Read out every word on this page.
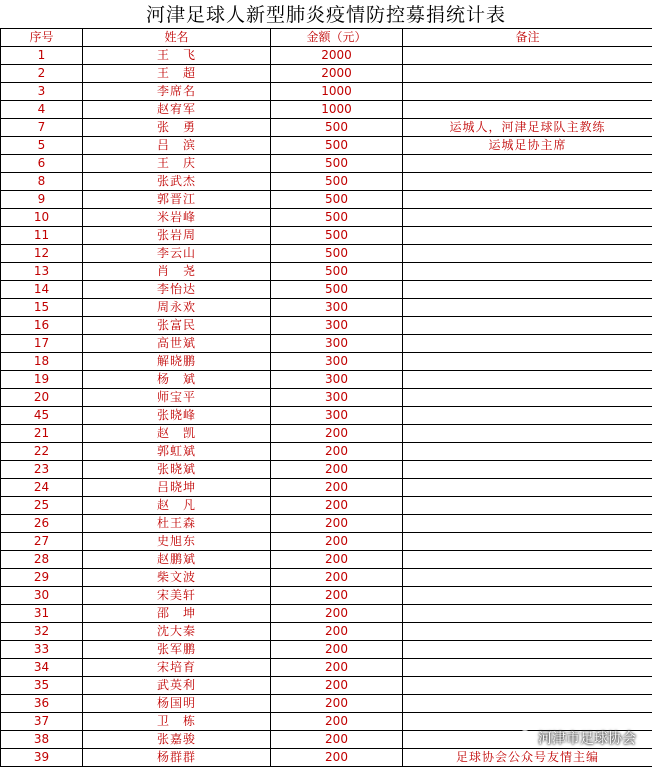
河津足球人新型肺炎疫情防控募捐统计表
序号	姓名	金额（元）	备注
1	王　飞	2000	
2	王　超	2000	
3	李席名	1000	
4	赵宥军	1000	
7	张　勇	500	运城人，河津足球队主教练
5	吕　滨	500	运城足协主席
6	王　庆	500	
8	张武杰	500	
9	郭晋江	500	
10	米岩峰	500	
11	张岩周	500	
12	李云山	500	
13	肖　尧	500	
14	李怡达	500	
15	周永欢	300	
16	张富民	300	
17	高世斌	300	
18	解晓鹏	300	
19	杨　斌	300	
20	师宝平	300	
45	张晓峰	300	
21	赵　凯	200	
22	郭虹斌	200	
23	张晓斌	200	
24	吕晓坤	200	
25	赵　凡	200	
26	杜王森	200	
27	史旭东	200	
28	赵鹏斌	200	
29	柴文波	200	
30	宋美轩	200	
31	邵　坤	200	
32	沈大秦	200	
33	张军鹏	200	
34	宋培育	200	
35	武英利	200	
36	杨国明	200	
37	卫　栋	200	
38	张嘉骏	200	
39	杨群群	200	足球协会公众号友情主编
河津市足球协会
